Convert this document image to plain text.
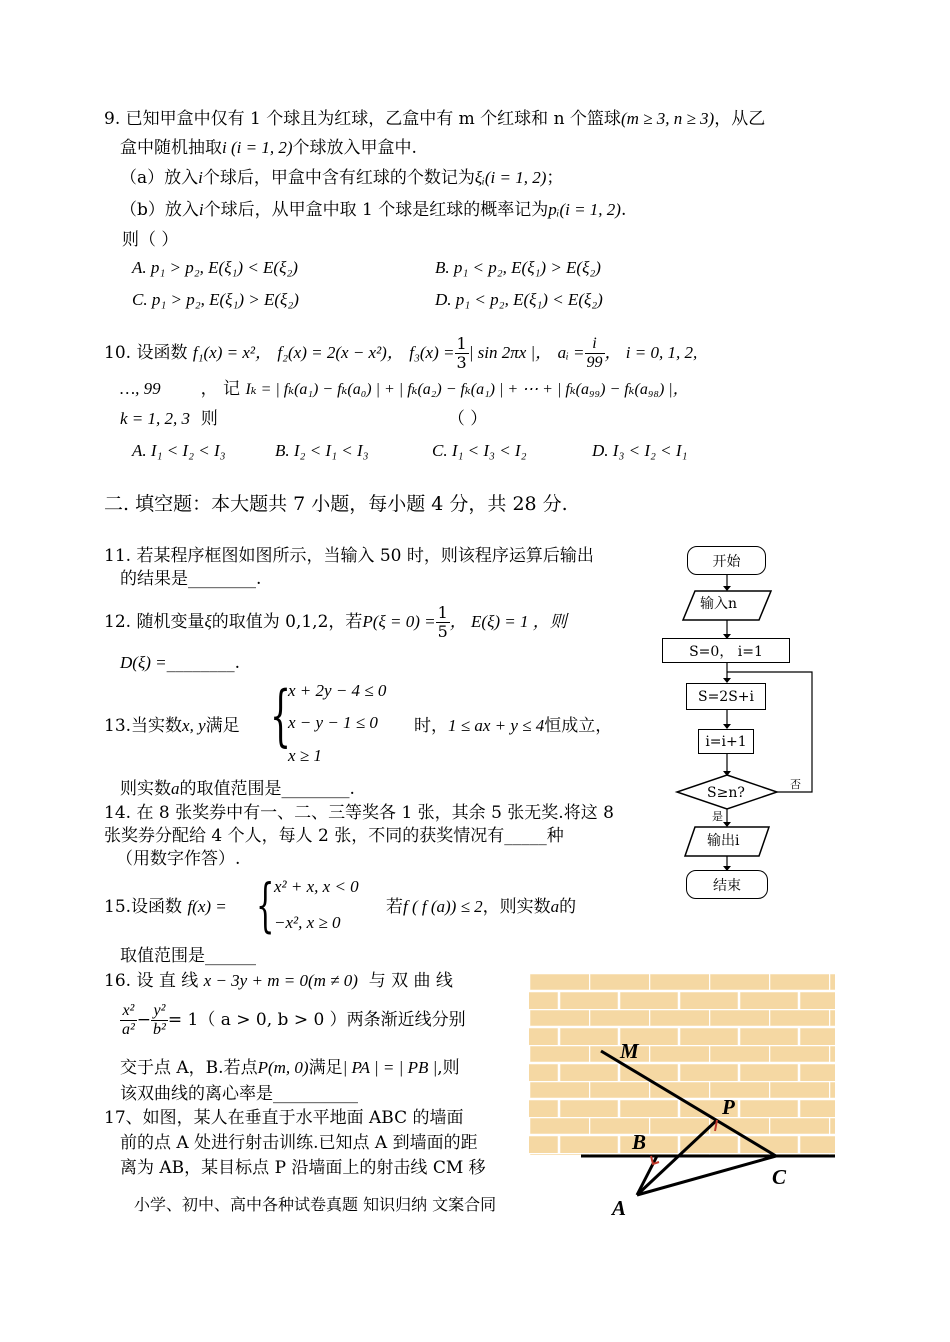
9. 已知甲盒中仅有 1 个球且为红球，乙盒中有 m 个红球和 n 个篮球(m ≥ 3, n ≥ 3)，从乙
盒中随机抽取i (i = 1, 2)个球放入甲盒中.
（a）放入i个球后，甲盒中含有红球的个数记为ξᵢ(i = 1, 2)；
（b）放入i个球后，从甲盒中取 1 个球是红球的概率记为pᵢ(i = 1, 2).
则（ ）
A. p₁ > p₂, E(ξ₁) < E(ξ₂)	B. p₁ < p₂, E(ξ₁) > E(ξ₂)
C. p₁ > p₂, E(ξ₁) > E(ξ₂)	D. p₁ < p₂, E(ξ₁) < E(ξ₂)
10. 设函数 f₁(x) = x²， f₂(x) = 2(x − x²)， $f_3(x) = \frac{1}{3}$ | sin 2πx |， aᵢ = $\frac{i}{99}$ ， i = 0, 1, 2,
…, 99 ， 记 Iₖ = | fₖ(a₁) − fₖ(a₀) | + | fₖ(a₂) − fₖ(a₁) | + ⋯ + | fₖ(a₉₉) − fₖ(a₉₈) |，
k = 1, 2, 3 则	（ ）
A. I₁ < I₂ < I₃	B. I₂ < I₁ < I₃	C. I₁ < I₃ < I₂	D. I₃ < I₂ < I₁
二. 填空题：本大题共 7 小题，每小题 4 分，共 28 分.
11. 若某程序框图如图所示，当输入 50 时，则该程序运算后输出
的结果是________.
12. 随机变量ξ的取值为 0,1,2，若$P(\xi = 0) = \frac{1}{5}$ ， E(ξ) = 1 ，则
D(ξ) =________.
13.当实数x, y满足 {
x + 2y − 4 ≤ 0
x − y − 1 ≤ 0
x ≥ 1
时，1 ≤ ax + y ≤ 4恒成立，
则实数a的取值范围是________.
14. 在 8 张奖券中有一、二、三等奖各 1 张，其余 5 张无奖.将这 8
张奖券分配给 4 个人，每人 2 张，不同的获奖情况有_____种
（用数字作答）.
15.设函数 f(x) = { x² + x, x < 0
−x², x ≥ 0
若f ( f (a)) ≤ 2，则实数a的
取值范围是______
16. 设 直 线 x − 3y + m = 0(m ≠ 0) 与 双 曲 线
$\frac{\text{x²}}{\text{a²}} - \frac{\text{y²}}{\text{b²}} = 1$（ a > 0, b > 0 ）两条渐近线分别
交于点 A，B.若点P(m, 0)满足| PA | = | PB |,则
该双曲线的离心率是__________
17、如图，某人在垂直于水平地面 ABC 的墙面
前的点 A 处进行射击训练.已知点 A 到墙面的距
离为 AB，某目标点 P 沿墙面上的射击线 CM 移
小学、初中、高中各种试卷真题 知识归纳 文案合同
开始
输入n
S=0， i=1
S=2S+i
i=i+1
S≥n?
否
是
输出i
结束
M
P
B
C
A
